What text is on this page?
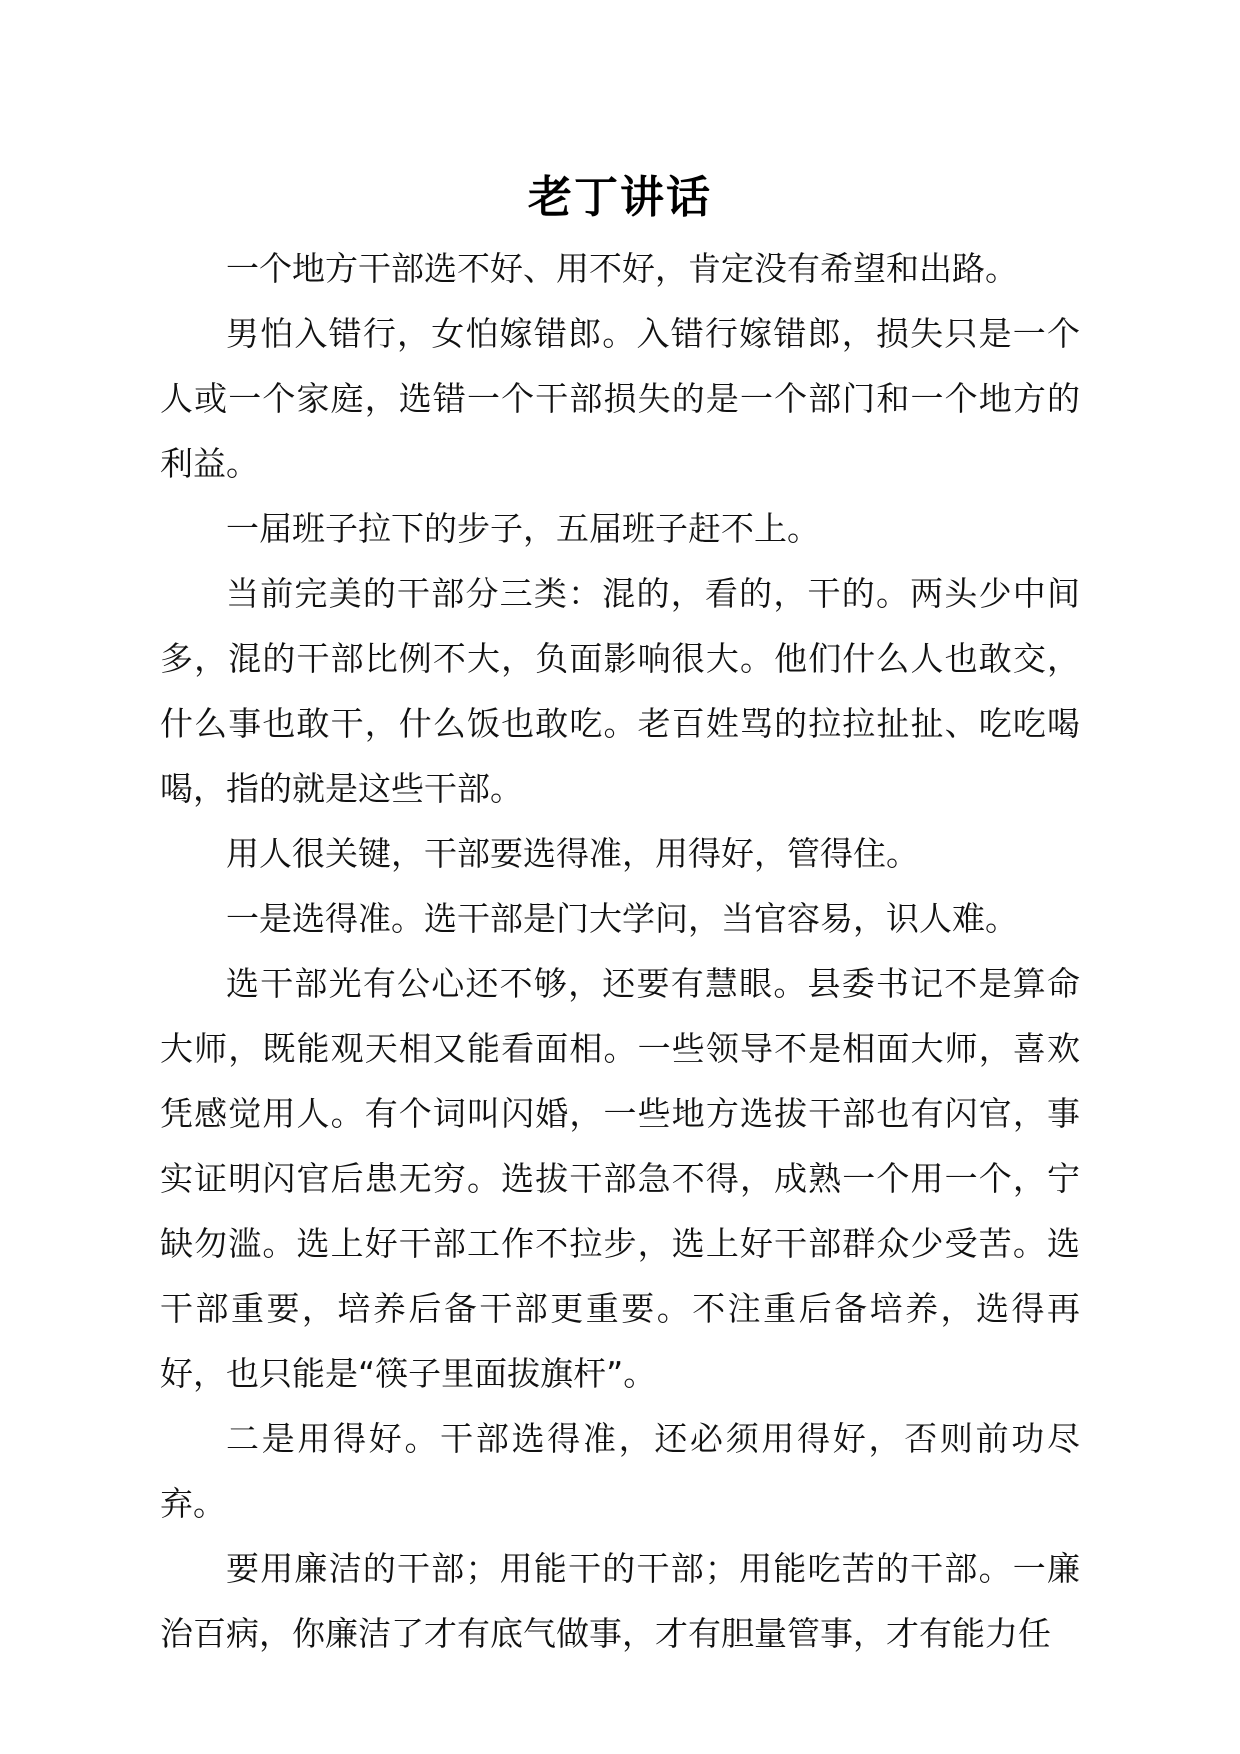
老丁讲话

一个地方干部选不好、用不好，肯定没有希望和出路。

男怕入错行，女怕嫁错郎。入错行嫁错郎，损失只是一个人或一个家庭，选错一个干部损失的是一个部门和一个地方的利益。

一届班子拉下的步子，五届班子赶不上。

当前完美的干部分三类：混的，看的，干的。两头少中间多，混的干部比例不大，负面影响很大。他们什么人也敢交，什么事也敢干，什么饭也敢吃。老百姓骂的拉拉扯扯、吃吃喝喝，指的就是这些干部。

用人很关键，干部要选得准，用得好，管得住。

一是选得准。选干部是门大学问，当官容易，识人难。

选干部光有公心还不够，还要有慧眼。县委书记不是算命大师，既能观天相又能看面相。一些领导不是相面大师，喜欢凭感觉用人。有个词叫闪婚，一些地方选拔干部也有闪官，事实证明闪官后患无穷。选拔干部急不得，成熟一个用一个，宁缺勿滥。选上好干部工作不拉步，选上好干部群众少受苦。选干部重要，培养后备干部更重要。不注重后备培养，选得再好，也只能是“筷子里面拔旗杆”。

二是用得好。干部选得准，还必须用得好，否则前功尽弃。

要用廉洁的干部；用能干的干部；用能吃苦的干部。一廉治百病，你廉洁了才有底气做事，才有胆量管事，才有能力任
